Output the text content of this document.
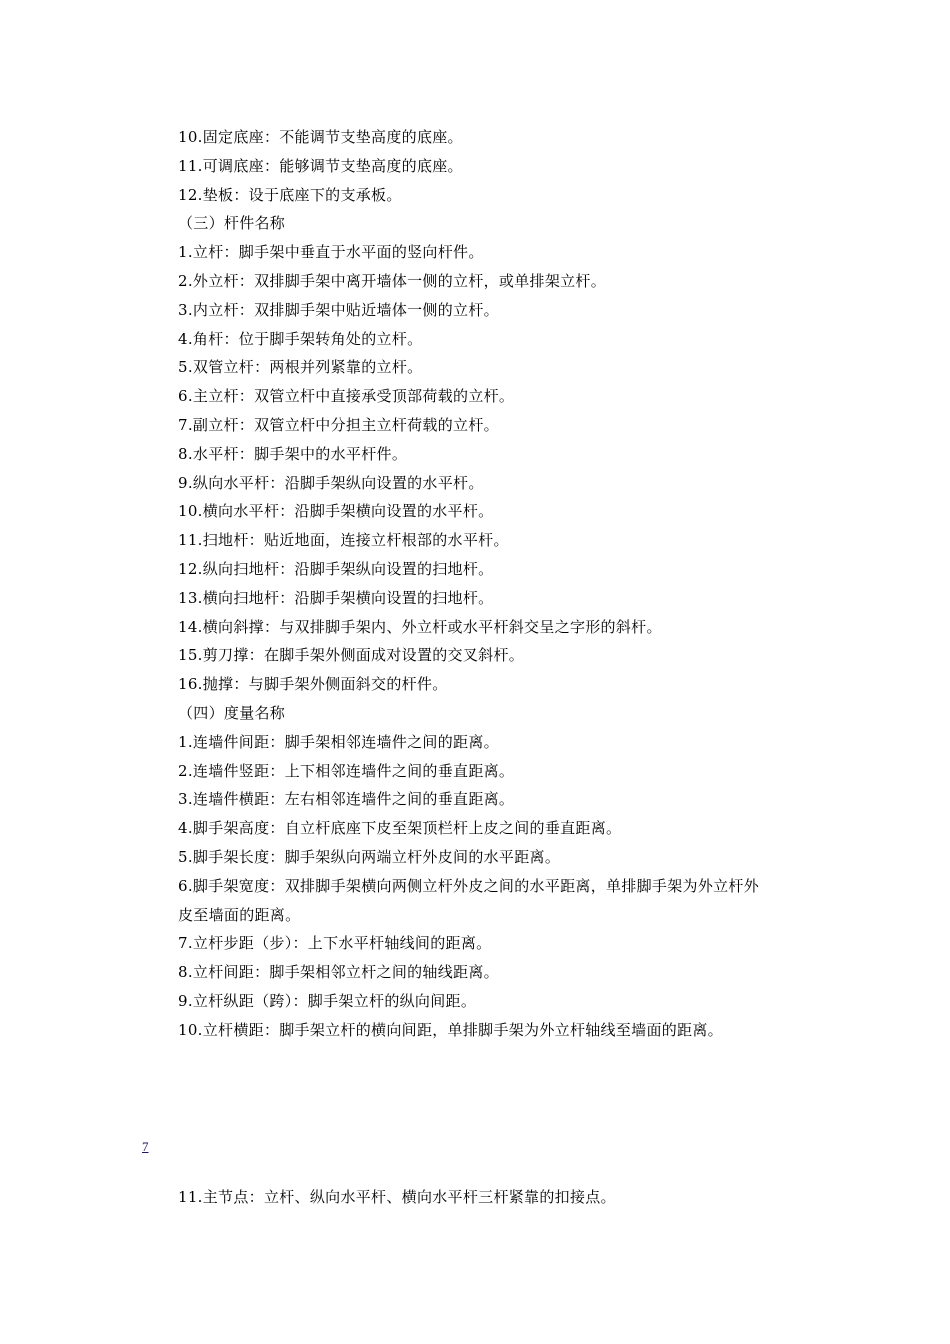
10.固定底座：不能调节支垫高度的底座。
11.可调底座：能够调节支垫高度的底座。
12.垫板：设于底座下的支承板。
（三）杆件名称
1.立杆：脚手架中垂直于水平面的竖向杆件。
2.外立杆：双排脚手架中离开墙体一侧的立杆，或单排架立杆。
3.内立杆：双排脚手架中贴近墙体一侧的立杆。
4.角杆：位于脚手架转角处的立杆。
5.双管立杆：两根并列紧靠的立杆。
6.主立杆：双管立杆中直接承受顶部荷载的立杆。
7.副立杆：双管立杆中分担主立杆荷载的立杆。
8.水平杆：脚手架中的水平杆件。
9.纵向水平杆：沿脚手架纵向设置的水平杆。
10.横向水平杆：沿脚手架横向设置的水平杆。
11.扫地杆：贴近地面，连接立杆根部的水平杆。
12.纵向扫地杆：沿脚手架纵向设置的扫地杆。
13.横向扫地杆：沿脚手架横向设置的扫地杆。
14.横向斜撑：与双排脚手架内、外立杆或水平杆斜交呈之字形的斜杆。
15.剪刀撑：在脚手架外侧面成对设置的交叉斜杆。
16.抛撑：与脚手架外侧面斜交的杆件。
（四）度量名称
1.连墙件间距：脚手架相邻连墙件之间的距离。
2.连墙件竖距：上下相邻连墙件之间的垂直距离。
3.连墙件横距：左右相邻连墙件之间的垂直距离。
4.脚手架高度：自立杆底座下皮至架顶栏杆上皮之间的垂直距离。
5.脚手架长度：脚手架纵向两端立杆外皮间的水平距离。
6.脚手架宽度：双排脚手架横向两侧立杆外皮之间的水平距离，单排脚手架为外立杆外
皮至墙面的距离。
7.立杆步距（步）：上下水平杆轴线间的距离。
8.立杆间距：脚手架相邻立杆之间的轴线距离。
9.立杆纵距（跨）：脚手架立杆的纵向间距。
10.立杆横距：脚手架立杆的横向间距，单排脚手架为外立杆轴线至墙面的距离。
7
11.主节点：立杆、纵向水平杆、横向水平杆三杆紧靠的扣接点。
